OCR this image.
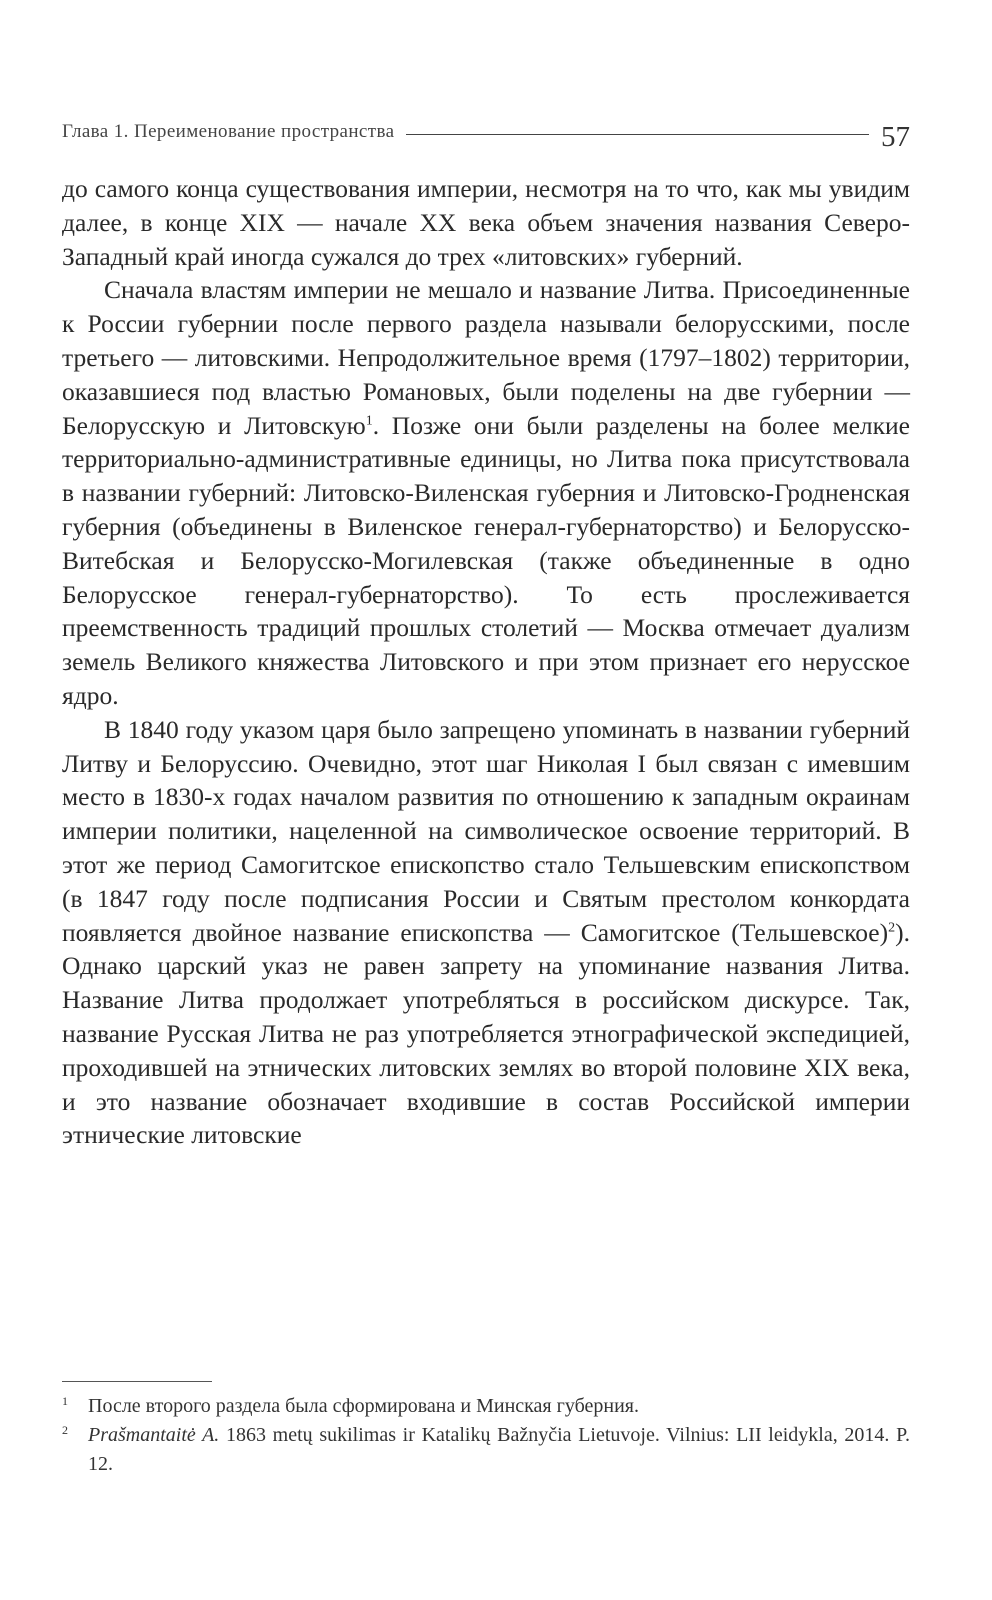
Глава 1. Переименование пространства	57

до самого конца существования империи, несмотря на то что, как мы увидим далее, в конце XIX — начале XX века объем значения названия Северо-Западный край иногда сужался до трех «литовских» губерний.

Сначала властям империи не мешало и название Литва. Присоединенные к России губернии после первого раздела называли белорусскими, после третьего — литовскими. Непродолжительное время (1797–1802) территории, оказавшиеся под властью Романовых, были поделены на две губернии — Белорусскую и Литовскую$^1$. Позже они были разделены на более мелкие территориально-административные единицы, но Литва пока присутствовала в названии губерний: Литовско-Виленская губерния и Литовско-Гродненская губерния (объединены в Виленское генерал-губернаторство) и Белорусско-Витебская и Белорусско-Могилевская (также объединенные в одно Белорусское генерал-губернаторство). То есть прослеживается преемственность традиций прошлых столетий — Москва отмечает дуализм земель Великого княжества Литовского и при этом признает его нерусское ядро.

В 1840 году указом царя было запрещено упоминать в названии губерний Литву и Белоруссию. Очевидно, этот шаг Николая I был связан с имевшим место в 1830-х годах началом развития по отношению к западным окраинам империи политики, нацеленной на символическое освоение территорий. В этот же период Самогитское епископство стало Тельшевским епископством (в 1847 году после подписания России и Святым престолом конкордата появляется двойное название епископства — Самогитское (Тельшевское)$^2$). Однако царский указ не равен запрету на упоминание названия Литва. Название Литва продолжает употребляться в российском дискурсе. Так, название Русская Литва не раз употребляется этнографической экспедицией, проходившей на этнических литовских землях во второй половине XIX века, и это название обозначает входившие в состав Российской империи этнические литовские

1	После второго раздела была сформирована и Минская губерния.
2	Prašmantaitė A. 1863 metų sukilimas ir Katalikų Bažnyčia Lietuvoje. Vilnius: LII leidykla, 2014. P. 12.
